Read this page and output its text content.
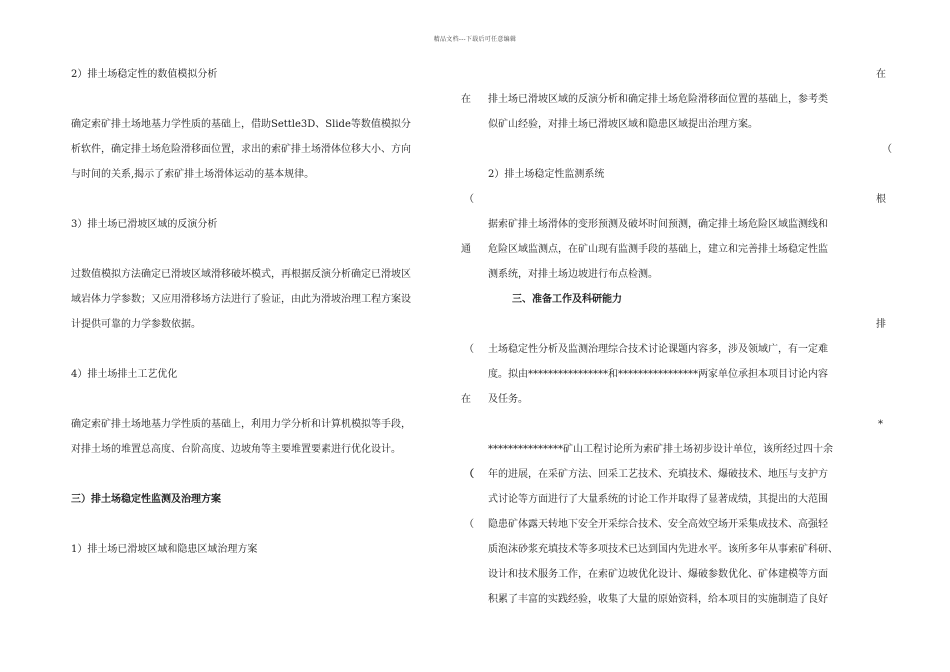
精品文档---下载后可任意编辑
2）排土场稳定性的数值模拟分析
在
确定索矿排土场地基力学性质的基础上，借助Settle3D、Slide等数值模拟分
析软件，确定排土场危险滑移面位置，求出的索矿排土场滑体位移大小、方向
与时间的关系,揭示了索矿排土场滑体运动的基本规律。
（
3）排土场已滑坡区域的反演分析
通
过数值模拟方法确定已滑坡区域滑移破坏模式，再根据反演分析确定已滑坡区
域岩体力学参数；又应用滑移场方法进行了验证，由此为滑坡治理工程方案设
计提供可靠的力学参数依据。
（
4）排土场排土工艺优化
在
确定索矿排土场地基力学性质的基础上，利用力学分析和计算机模拟等手段，
对排土场的堆置总高度、台阶高度、边坡角等主要堆置要素进行优化设计。
（
三）排土场稳定性监测及治理方案
（
1）排土场已滑坡区域和隐患区域治理方案
在
排土场已滑坡区域的反演分析和确定排土场危险滑移面位置的基础上，参考类
似矿山经验，对排土场已滑坡区域和隐患区域提出治理方案。
（
2）排土场稳定性监测系统
根
据索矿排土场滑体的变形预测及破坏时间预测，确定排土场危险区域监测线和
危险区域监测点，在矿山现有监测手段的基础上，建立和完善排土场稳定性监
测系统，对排土场边坡进行布点检测。
三、准备工作及科研能力
排
土场稳定性分析及监测治理综合技术讨论课题内容多，涉及领域广，有一定难
度。拟由****************和****************两家单位承担本项目讨论内容
及任务。
*
***************矿山工程讨论所为索矿排土场初步设计单位，该所经过四十余
年的进展，在采矿方法、回采工艺技术、充填技术、爆破技术、地压与支护方
式讨论等方面进行了大量系统的讨论工作并取得了显著成绩，其提出的大范围
隐患矿体露天转地下安全开采综合技术、安全高效空场开采集成技术、高强轻
质泡沫砂浆充填技术等多项技术已达到国内先进水平。该所多年从事索矿科研、
设计和技术服务工作，在索矿边坡优化设计、爆破参数优化、矿体建模等方面
积累了丰富的实践经验，收集了大量的原始资料，给本项目的实施制造了良好
